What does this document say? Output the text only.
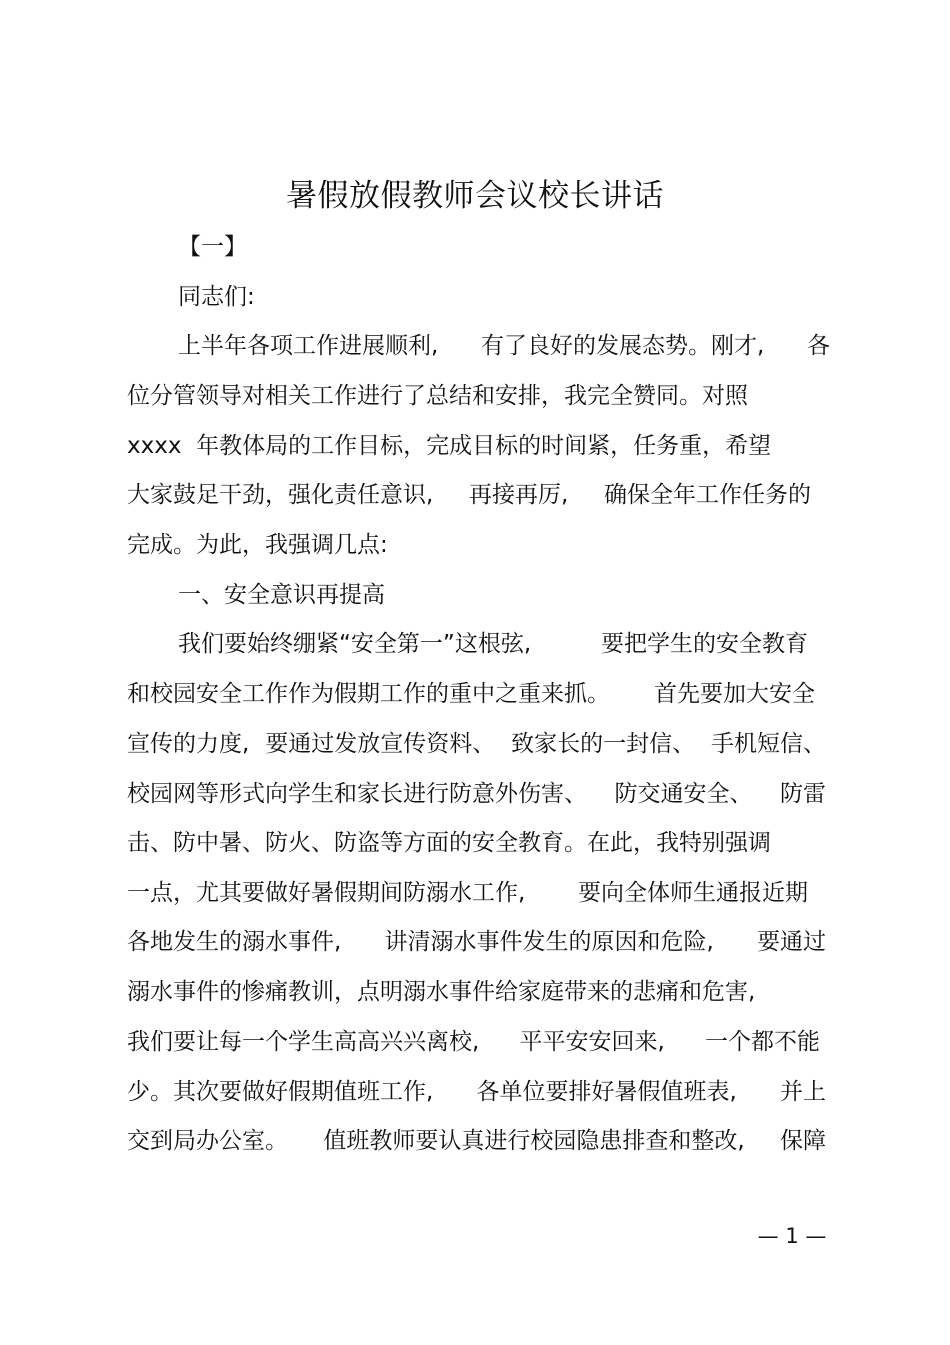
暑假放假教师会议校长讲话
【一】
同志们:
上半年各项工作进展顺利, 有了良好的发展态势。刚才, 各
位分管领导对相关工作进行了总结和安排，我完全赞同。对照
xxxx  年教体局的工作目标，完成目标的时间紧，任务重，希望
大家鼓足干劲，强化责任意识, 再接再厉, 确保全年工作任务的
完成。为此，我强调几点:
一、安全意识再提高
我们要始终绷紧“安全第一”这根弦,	要把学生的安全教育
和校园安全工作作为假期工作的重中之重来抓。 首先要加大安全
宣传的力度, 要通过发放宣传资料、 致家长的一封信、 手机短信、
校园网等形式向学生和家长进行防意外伤害、 防交通安全、 防雷
击、防中暑、防火、防盗等方面的安全教育。在此，我特别强调
一点，尤其要做好暑假期间防溺水工作, 要向全体师生通报近期
各地发生的溺水事件, 讲清溺水事件发生的原因和危险, 要通过
溺水事件的惨痛教训，点明溺水事件给家庭带来的悲痛和危害,
我们要让每一个学生高高兴兴离校, 平平安安回来, 一个都不能
少。其次要做好假期值班工作, 各单位要排好暑假值班表, 并上
交到局办公室。 值班教师要认真进行校园隐患排查和整改, 保障
— 1 —
